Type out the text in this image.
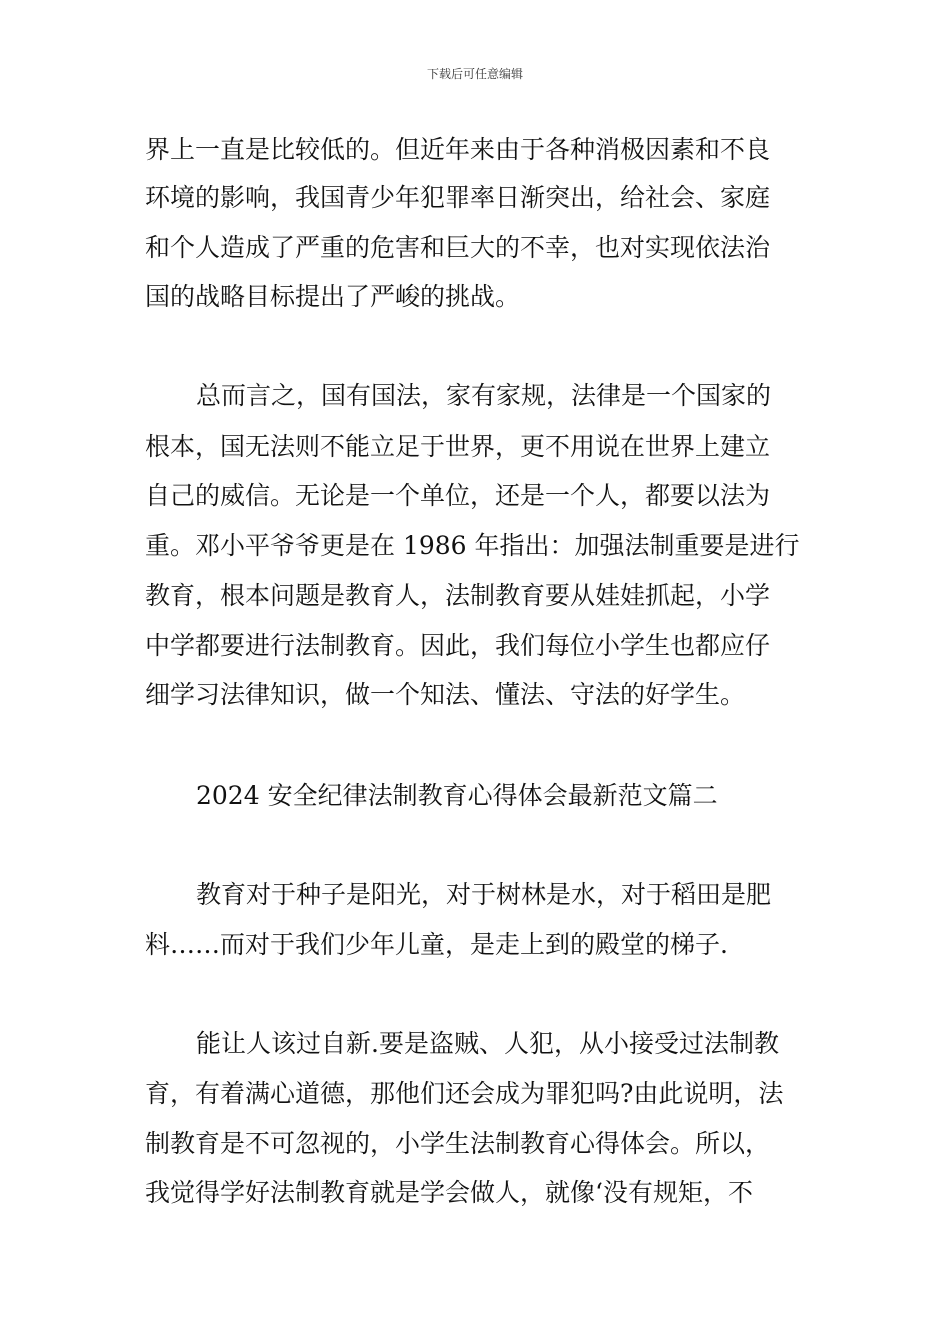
下载后可任意编辑
界上一直是比较低的。但近年来由于各种消极因素和不良
环境的影响，我国青少年犯罪率日渐突出，给社会、家庭
和个人造成了严重的危害和巨大的不幸，也对实现依法治
国的战略目标提出了严峻的挑战。
总而言之，国有国法，家有家规，法律是一个国家的
根本，国无法则不能立足于世界，更不用说在世界上建立
自己的威信。无论是一个单位，还是一个人，都要以法为
重。邓小平爷爷更是在 1986 年指出：加强法制重要是进行
教育，根本问题是教育人，法制教育要从娃娃抓起，小学
中学都要进行法制教育。因此，我们每位小学生也都应仔
细学习法律知识，做一个知法、懂法、守法的好学生。
2024 安全纪律法制教育心得体会最新范文篇二
教育对于种子是阳光，对于树林是水，对于稻田是肥
料……而对于我们少年儿童，是走上到的殿堂的梯子.
能让人该过自新.要是盗贼、人犯，从小接受过法制教
育，有着满心道德，那他们还会成为罪犯吗?由此说明，法
制教育是不可忽视的，小学生法制教育心得体会。所以，
我觉得学好法制教育就是学会做人，就像‘没有规矩，不
